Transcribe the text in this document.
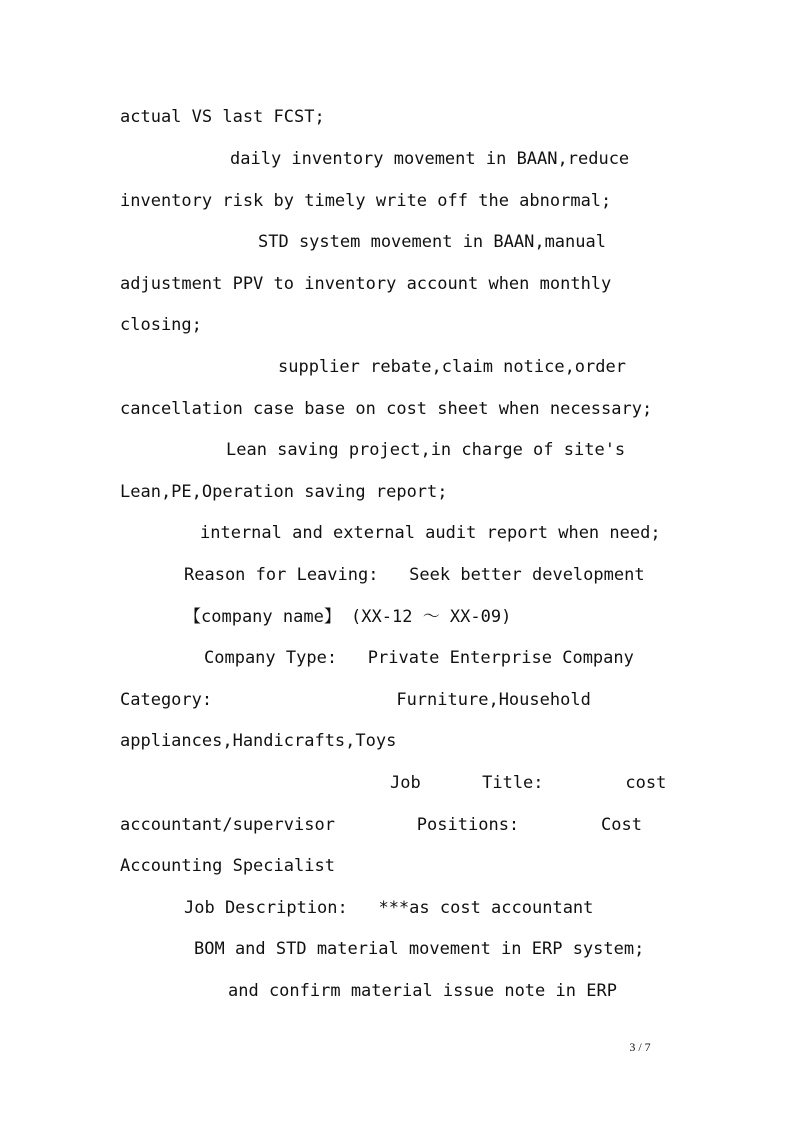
actual VS last FCST;
daily inventory movement in BAAN,reduce
inventory risk by timely write off the abnormal;
STD system movement in BAAN,manual
adjustment PPV to inventory account when monthly
closing;
supplier rebate,claim notice,order
cancellation case base on cost sheet when necessary;
Lean saving project,in charge of site's
Lean,PE,Operation saving report;
internal and external audit report when need;
Reason for Leaving:   Seek better development
【company name】 (XX-12 ～ XX-09)
Company Type:   Private Enterprise Company
Category:                  Furniture,Household
appliances,Handicrafts,Toys
Job      Title:        cost
accountant/supervisor        Positions:        Cost
Accounting Specialist
Job Description:   ***as cost accountant
BOM and STD material movement in ERP system;
and confirm material issue note in ERP
3 / 7
